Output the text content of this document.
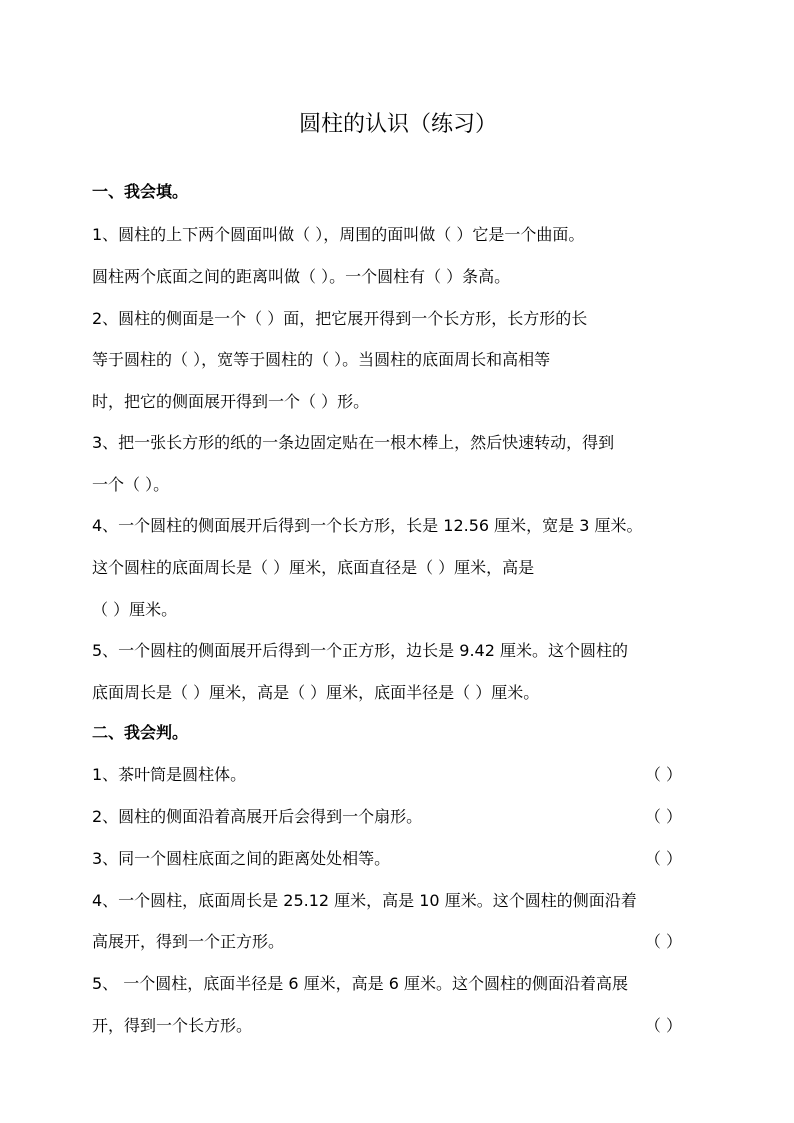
圆柱的认识（练习）
一、我会填。
1、圆柱的上下两个圆面叫做（ ），周围的面叫做（ ）它是一个曲面。
圆柱两个底面之间的距离叫做（ ）。一个圆柱有（ ）条高。
2、圆柱的侧面是一个（ ）面，把它展开得到一个长方形，长方形的长
等于圆柱的（ ），宽等于圆柱的（ ）。当圆柱的底面周长和高相等
时，把它的侧面展开得到一个（ ）形。
3、把一张长方形的纸的一条边固定贴在一根木棒上，然后快速转动，得到
一个（ ）。
4、一个圆柱的侧面展开后得到一个长方形，长是 12.56 厘米，宽是 3 厘米。
这个圆柱的底面周长是（ ）厘米，底面直径是（ ）厘米，高是
（ ）厘米。
5、一个圆柱的侧面展开后得到一个正方形，边长是 9.42 厘米。这个圆柱的
底面周长是（ ）厘米，高是（ ）厘米，底面半径是（ ）厘米。
二、我会判。
1、茶叶筒是圆柱体。	（ ）
2、圆柱的侧面沿着高展开后会得到一个扇形。	（ ）
3、同一个圆柱底面之间的距离处处相等。	（ ）
4、一个圆柱，底面周长是 25.12 厘米，高是 10 厘米。这个圆柱的侧面沿着
高展开，得到一个正方形。	（ ）
5、 一个圆柱，底面半径是 6 厘米，高是 6 厘米。这个圆柱的侧面沿着高展
开，得到一个长方形。	（ ）
